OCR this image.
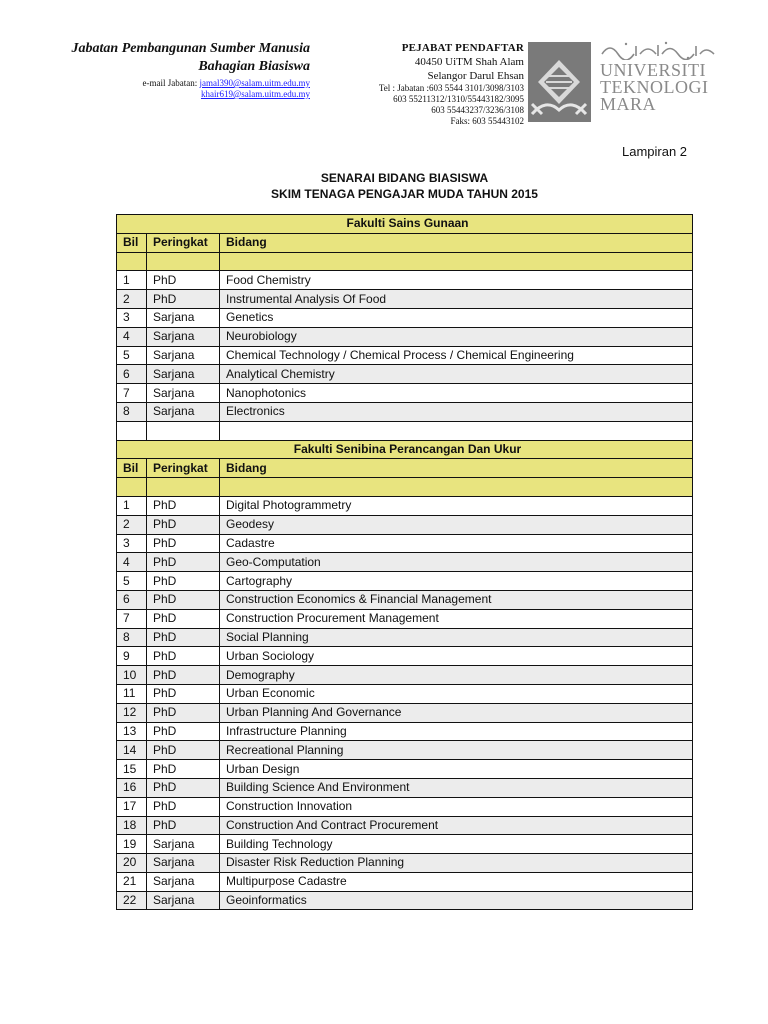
Jabatan Pembangunan Sumber Manusia
Bahagian Biasiswa
e-mail Jabatan: jamal390@salam.uitm.edu.my
khair619@salam.uitm.edu.my
PEJABAT PENDAFTAR
40450 UiTM Shah Alam
Selangor Darul Ehsan
Tel : Jabatan :603 5544 3101/3098/3103
603 55211312/1310/55443182/3095
603 55443237/3236/3108
Faks: 603 55443102
UNIVERSITI
TEKNOLOGI
MARA
Lampiran 2
SENARAI BIDANG BIASISWA
SKIM TENAGA PENGAJAR MUDA TAHUN 2015
Fakulti Sains Gunaan		
Bil	Peringkat	Bidang

1	PhD	Food Chemistry
2	PhD	Instrumental Analysis Of Food
3	Sarjana	Genetics
4	Sarjana	Neurobiology
5	Sarjana	Chemical Technology / Chemical Process / Chemical Engineering
6	Sarjana	Analytical Chemistry
7	Sarjana	Nanophotonics
8	Sarjana	Electronics

Fakulti Senibina Perancangan Dan Ukur		
Bil	Peringkat	Bidang

1	PhD	Digital Photogrammetry
2	PhD	Geodesy
3	PhD	Cadastre
4	PhD	Geo-Computation
5	PhD	Cartography
6	PhD	Construction Economics & Financial Management
7	PhD	Construction Procurement Management
8	PhD	Social Planning
9	PhD	Urban Sociology
10	PhD	Demography
11	PhD	Urban Economic
12	PhD	Urban Planning And Governance
13	PhD	Infrastructure Planning
14	PhD	Recreational Planning
15	PhD	Urban Design
16	PhD	Building Science And Environment
17	PhD	Construction Innovation
18	PhD	Construction And Contract Procurement
19	Sarjana	Building Technology
20	Sarjana	Disaster Risk Reduction Planning
21	Sarjana	Multipurpose Cadastre
22	Sarjana	Geoinformatics
